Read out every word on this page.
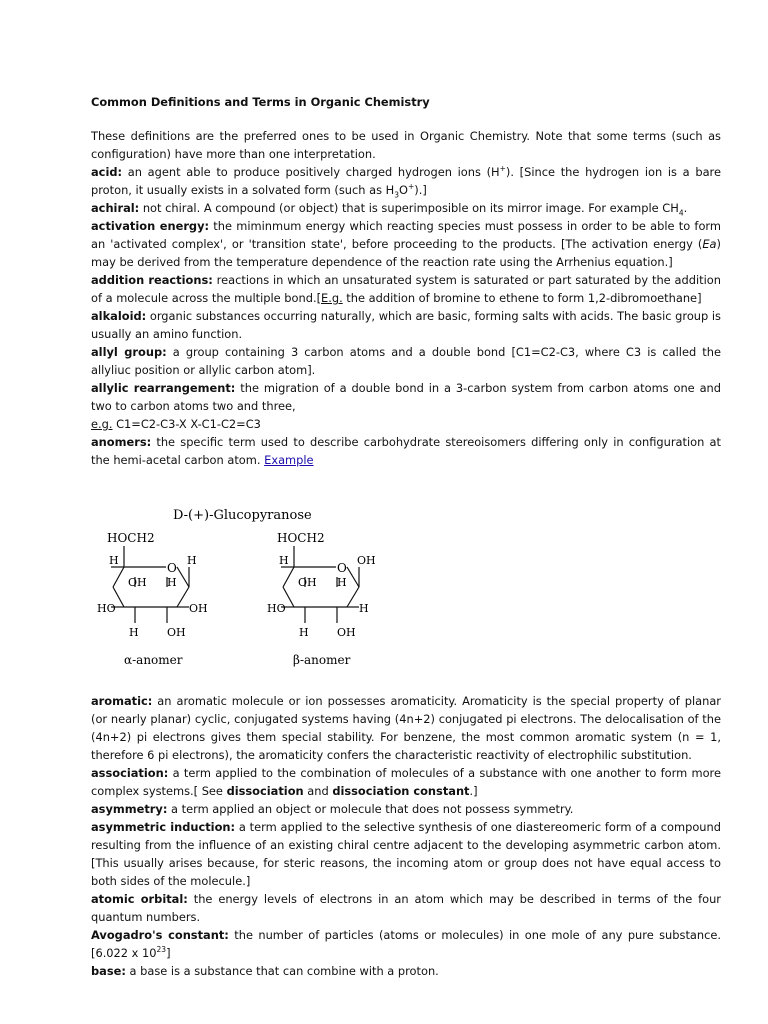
Common Definitions and Terms in Organic Chemistry
These definitions are the preferred ones to be used in Organic Chemistry. Note that some terms (such as configuration) have more than one interpretation.
acid: an agent able to produce positively charged hydrogen ions (H+). [Since the hydrogen ion is a bare proton, it usually exists in a solvated form (such as $H_3O^+$).]
achiral: not chiral. A compound (or object) that is superimposible on its mirror image. For example $CH_4$.
activation energy: the miminmum energy which reacting species must possess in order to be able to form an 'activated complex', or 'transition state', before proceeding to the products. [The activation energy (Ea) may be derived from the temperature dependence of the reaction rate using the Arrhenius equation.]
addition reactions: reactions in which an unsaturated system is saturated or part saturated by the addition of a molecule across the multiple bond.[E.g. the addition of bromine to ethene to form 1,2-dibromoethane]
alkaloid: organic substances occurring naturally, which are basic, forming salts with acids. The basic group is usually an amino function.
allyl group: a group containing 3 carbon atoms and a double bond [C1=C2-C3, where C3 is called the allyliuc position or allylic carbon atom].
allylic rearrangement: the migration of a double bond in a 3-carbon system from carbon atoms one and two to carbon atoms two and three,
e.g. C1=C2-C3-X X-C1-C2=C3
anomers: the specific term used to describe carbohydrate stereoisomers differing only in configuration at the hemi-acetal carbon atom. Example
aromatic: an aromatic molecule or ion possesses aromaticity. Aromaticity is the special property of planar (or nearly planar) cyclic, conjugated systems having (4n+2) conjugated pi electrons. The delocalisation of the (4n+2) pi electrons gives them special stability. For benzene, the most common aromatic system (n = 1, therefore 6 pi electrons), the aromaticity confers the characteristic reactivity of electrophilic substitution.
association: a term applied to the combination of molecules of a substance with one another to form more complex systems.[ See dissociation and dissociation constant.]
asymmetry: a term applied an object or molecule that does not possess symmetry.
asymmetric induction: a term applied to the selective synthesis of one diastereomeric form of a compound resulting from the influence of an existing chiral centre adjacent to the developing asymmetric carbon atom. [This usually arises because, for steric reasons, the incoming atom or group does not have equal access to both sides of the molecule.]
atomic orbital: the energy levels of electrons in an atom which may be described in terms of the four quantum numbers.
Avogadro's constant: the number of particles (atoms or molecules) in one mole of any pure substance. [6.022 x $10^{23}$]
base: a base is a substance that can combine with a proton.
D-(+)-Glucopyranose
HOCH2
H
O
H
OH H
HO	OH
H	OH
α-anomer
HOCH2
H
O
OH
OH H
HO	H
H	OH
β-anomer
